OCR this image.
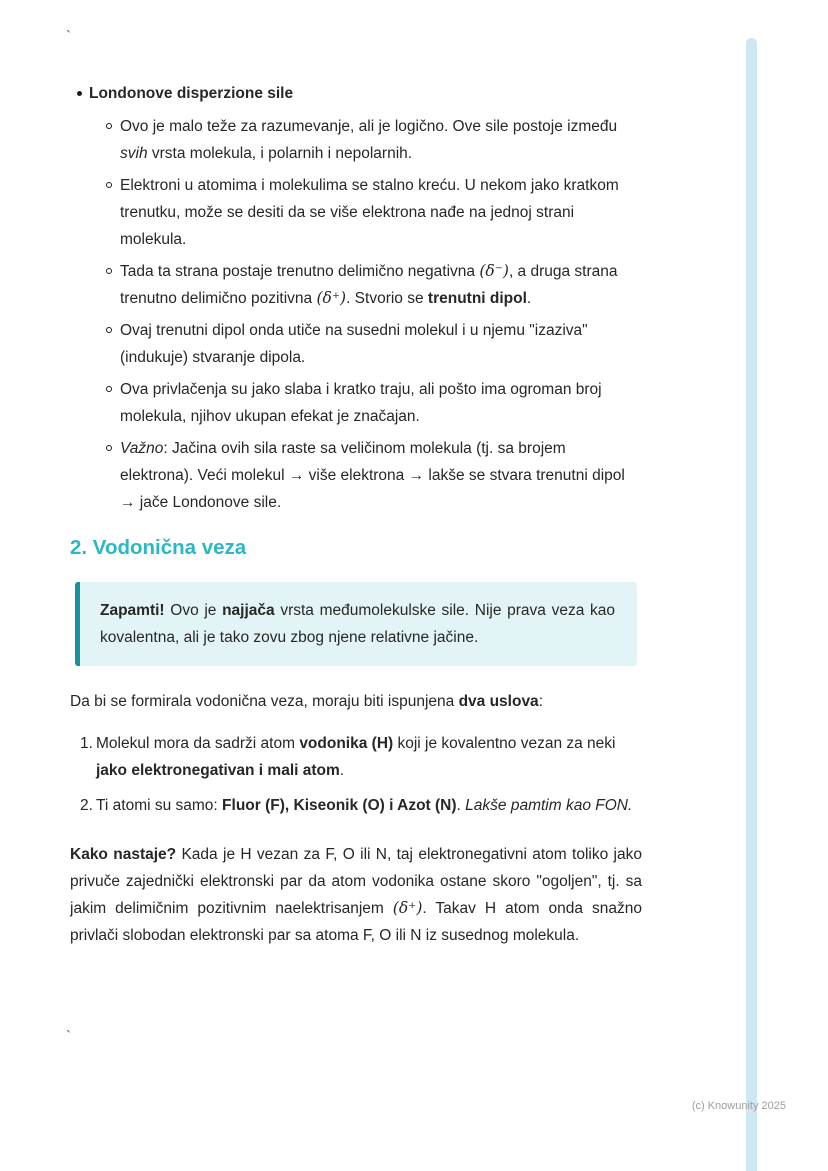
`
Londonove disperzione sile
Ovo je malo teže za razumevanje, ali je logično. Ove sile postoje između svih vrsta molekula, i polarnih i nepolarnih.
Elektroni u atomima i molekulima se stalno kreću. U nekom jako kratkom trenutku, može se desiti da se više elektrona nađe na jednoj strani molekula.
Tada ta strana postaje trenutno delimično negativna (δ⁻), a druga strana trenutno delimično pozitivna (δ⁺). Stvorio se trenutni dipol.
Ovaj trenutni dipol onda utiče na susedni molekul i u njemu "izaziva" (indukuje) stvaranje dipola.
Ova privlačenja su jako slaba i kratko traju, ali pošto ima ogroman broj molekula, njihov ukupan efekat je značajan.
Važno: Jačina ovih sila raste sa veličinom molekula (tj. sa brojem elektrona). Veći molekul → više elektrona → lakše se stvara trenutni dipol → jače Londonove sile.
2. Vodonična veza

Zapamti! Ovo je najjača vrsta međumolekulske sile. Nije prava veza kao kovalentna, ali je tako zovu zbog njene relativne jačine.

Da bi se formirala vodonična veza, moraju biti ispunjena dva uslova:

1. Molekul mora da sadrži atom vodonika (H) koji je kovalentno vezan za neki jako elektronegativan i mali atom.
2. Ti atomi su samo: Fluor (F), Kiseonik (O) i Azot (N). Lakše pamtim kao FON.

Kako nastaje? Kada je H vezan za F, O ili N, taj elektronegativni atom toliko jako privuče zajednički elektronski par da atom vodonika ostane skoro "ogoljen", tj. sa jakim delimičnim pozitivnim naelektrisanjem (δ⁺). Takav H atom onda snažno privlači slobodan elektronski par sa atoma F, O ili N iz susednog molekula.

`
(c) Knowunity 2025
